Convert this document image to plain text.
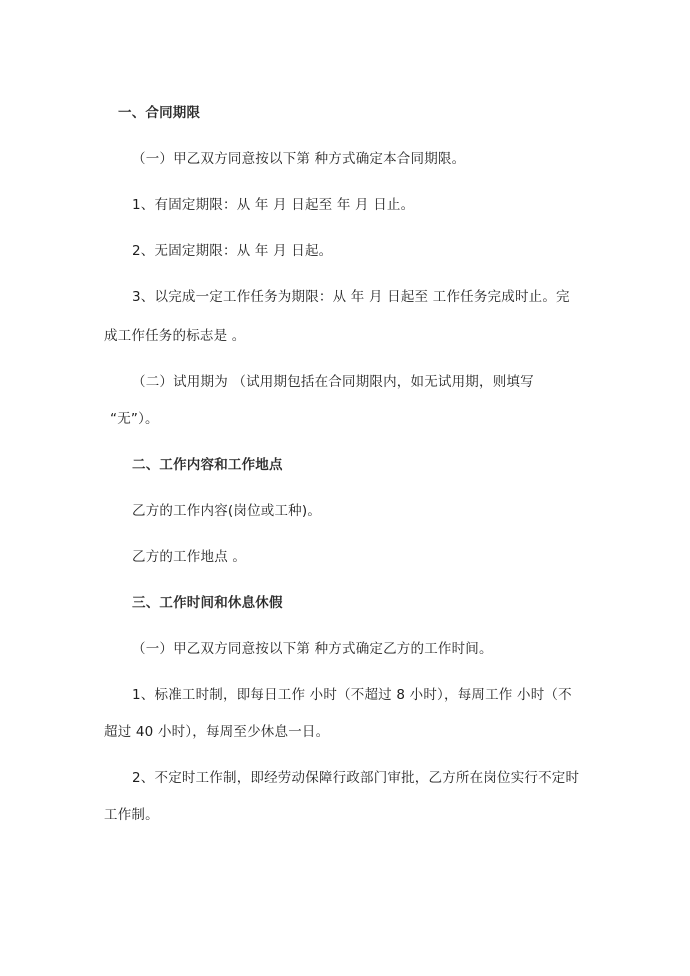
一、合同期限
（一）甲乙双方同意按以下第 种方式确定本合同期限。
1、有固定期限：从 年 月 日起至 年 月 日止。
2、无固定期限：从 年 月 日起。
3、以完成一定工作任务为期限：从 年 月 日起至 工作任务完成时止。完
成工作任务的标志是 。
（二）试用期为 （试用期包括在合同期限内，如无试用期，则填写
“无”）。
二、工作内容和工作地点
乙方的工作内容(岗位或工种)。
乙方的工作地点 。
三、工作时间和休息休假
（一）甲乙双方同意按以下第 种方式确定乙方的工作时间。
1、标准工时制，即每日工作 小时（不超过 8 小时），每周工作 小时（不
超过 40 小时），每周至少休息一日。
2、不定时工作制，即经劳动保障行政部门审批，乙方所在岗位实行不定时
工作制。
